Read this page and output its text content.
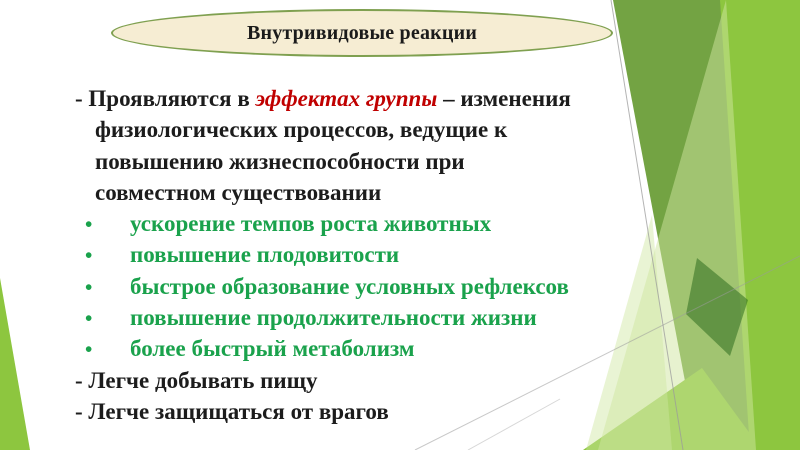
Внутривидовые реакции
- Проявляются в эффектах группы – изменения
физиологических процессов, ведущие к
повышению жизнеспособности при
совместном существовании
• ускорение темпов роста животных
• повышение плодовитости
• быстрое образование условных рефлексов
• повышение продолжительности жизни
• более быстрый метаболизм
- Легче добывать пищу
- Легче защищаться от врагов
